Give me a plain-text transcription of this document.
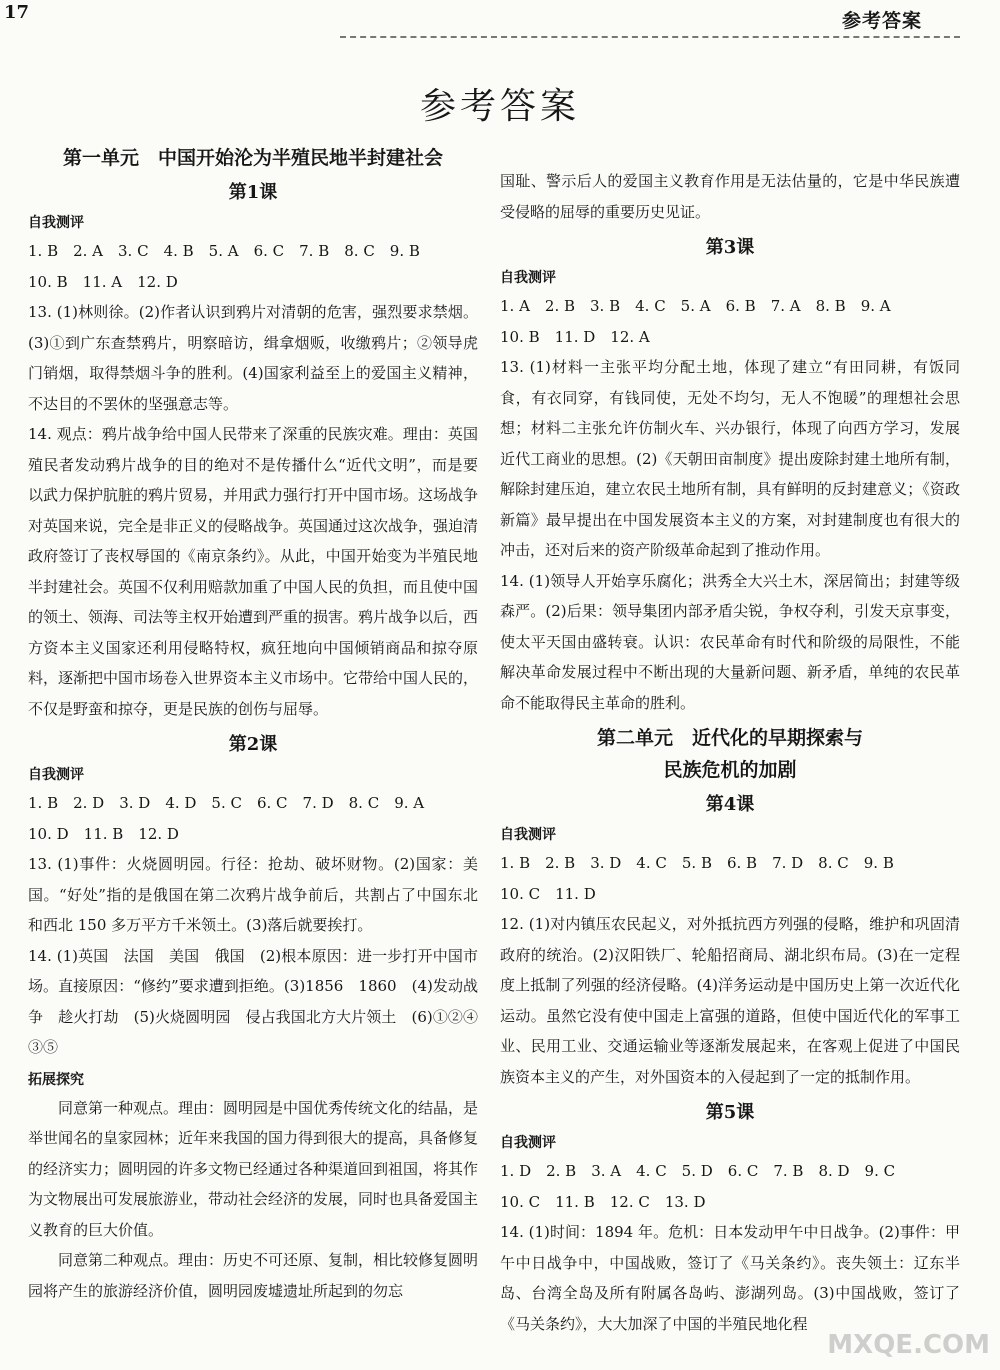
17	参考答案
参考答案
第一单元　中国开始沦为半殖民地半封建社会
第1课
自我测评

1. B　2. A　3. C　4. B　5. A　6. C　7. B　8. C　9. B

10. B　11. A　12. D

13. (1)林则徐。(2)作者认识到鸦片对清朝的危害，强烈要求禁烟。(3)①到广东查禁鸦片，明察暗访，缉拿烟贩，收缴鸦片；②领导虎门销烟，取得禁烟斗争的胜利。(4)国家利益至上的爱国主义精神，不达目的不罢休的坚强意志等。

14. 观点：鸦片战争给中国人民带来了深重的民族灾难。理由：英国殖民者发动鸦片战争的目的绝对不是传播什么“近代文明”，而是要以武力保护肮脏的鸦片贸易，并用武力强行打开中国市场。这场战争对英国来说，完全是非正义的侵略战争。英国通过这次战争，强迫清政府签订了丧权辱国的《南京条约》。从此，中国开始变为半殖民地半封建社会。英国不仅利用赔款加重了中国人民的负担，而且使中国的领土、领海、司法等主权开始遭到严重的损害。鸦片战争以后，西方资本主义国家还利用侵略特权，疯狂地向中国倾销商品和掠夺原料，逐渐把中国市场卷入世界资本主义市场中。它带给中国人民的，不仅是野蛮和掠夺，更是民族的创伤与屈辱。

第2课
自我测评

1. B　2. D　3. D　4. D　5. C　6. C　7. D　8. C　9. A

10. D　11. B　12. D

13. (1)事件：火烧圆明园。行径：抢劫、破坏财物。(2)国家：美国。“好处”指的是俄国在第二次鸦片战争前后，共割占了中国东北和西北 150 多万平方千米领土。(3)落后就要挨打。

14. (1)英国　法国　美国　俄国　(2)根本原因：进一步打开中国市场。直接原因：“修约”要求遭到拒绝。(3)1856　1860　(4)发动战争　趁火打劫　(5)火烧圆明园　侵占我国北方大片领土　(6)①②④　③⑤

拓展探究

同意第一种观点。理由：圆明园是中国优秀传统文化的结晶，是举世闻名的皇家园林；近年来我国的国力得到很大的提高，具备修复的经济实力；圆明园的许多文物已经通过各种渠道回到祖国，将其作为文物展出可发展旅游业，带动社会经济的发展，同时也具备爱国主义教育的巨大价值。

同意第二种观点。理由：历史不可还原、复制，相比较修复圆明园将产生的旅游经济价值，圆明园废墟遗址所起到的勿忘

国耻、警示后人的爱国主义教育作用是无法估量的，它是中华民族遭受侵略的屈辱的重要历史见证。

第3课
自我测评

1. A　2. B　3. B　4. C　5. A　6. B　7. A　8. B　9. A

10. B　11. D　12. A

13. (1)材料一主张平均分配土地，体现了建立“有田同耕，有饭同食，有衣同穿，有钱同使，无处不均匀，无人不饱暖”的理想社会思想；材料二主张允许仿制火车、兴办银行，体现了向西方学习，发展近代工商业的思想。(2)《天朝田亩制度》提出废除封建土地所有制，解除封建压迫，建立农民土地所有制，具有鲜明的反封建意义；《资政新篇》最早提出在中国发展资本主义的方案，对封建制度也有很大的冲击，还对后来的资产阶级革命起到了推动作用。

14. (1)领导人开始享乐腐化；洪秀全大兴土木，深居简出；封建等级森严。(2)后果：领导集团内部矛盾尖锐，争权夺利，引发天京事变，使太平天国由盛转衰。认识：农民革命有时代和阶级的局限性，不能解决革命发展过程中不断出现的大量新问题、新矛盾，单纯的农民革命不能取得民主革命的胜利。

第二单元　近代化的早期探索与
民族危机的加剧
第4课
自我测评

1. B　2. B　3. D　4. C　5. B　6. B　7. D　8. C　9. B

10. C　11. D

12. (1)对内镇压农民起义，对外抵抗西方列强的侵略，维护和巩固清政府的统治。(2)汉阳铁厂、轮船招商局、湖北织布局。(3)在一定程度上抵制了列强的经济侵略。(4)洋务运动是中国历史上第一次近代化运动。虽然它没有使中国走上富强的道路，但使中国近代化的军事工业、民用工业、交通运输业等逐渐发展起来，在客观上促进了中国民族资本主义的产生，对外国资本的入侵起到了一定的抵制作用。

第5课
自我测评

1. D　2. B　3. A　4. C　5. D　6. C　7. B　8. D　9. C

10. C　11. B　12. C　13. D

14. (1)时间：1894 年。危机：日本发动甲午中日战争。(2)事件：甲午中日战争中，中国战败，签订了《马关条约》。丧失领土：辽东半岛、台湾全岛及所有附属各岛屿、澎湖列岛。(3)中国战败，签订了《马关条约》，大大加深了中国的半殖民地化程

MXQE.COM
